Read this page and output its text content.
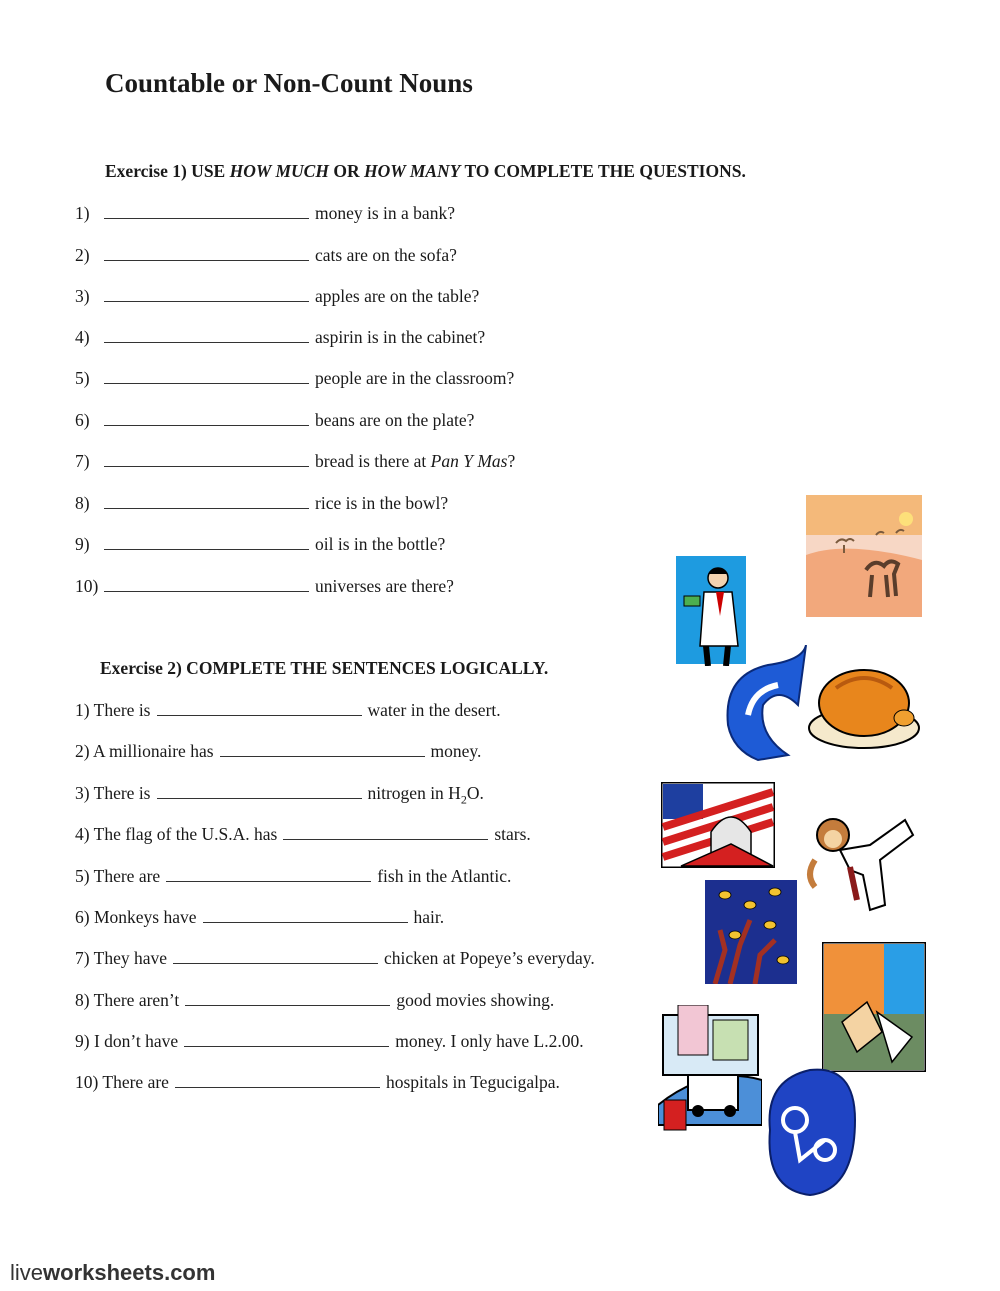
Countable or Non-Count Nouns
Exercise 1) USE HOW MUCH OR HOW MANY TO COMPLETE THE QUESTIONS.
1)	money is in a bank?
2)	cats are on the sofa?
3)	apples are on the table?
4)	aspirin is in the cabinet?
5)	people are in the classroom?
6)	beans are on the plate?
7)	bread is there at Pan Y Mas?
8)	rice is in the bowl?
9)	oil is in the bottle?
10)	universes are there?
Exercise 2) COMPLETE THE SENTENCES LOGICALLY.
1) There is	water in the desert.
2) A millionaire has	money.
3) There is	nitrogen in $H_2O$.
4) The flag of the U.S.A. has	stars.
5) There are	fish in the Atlantic.
6) Monkeys have	hair.
7) They have	chicken at Popeye’s everyday.
8) There aren’t	good movies showing.
9) I don’t have	money. I only have L.2.00.
10) There are	hospitals in Tegucigalpa.
liveworksheets.com
